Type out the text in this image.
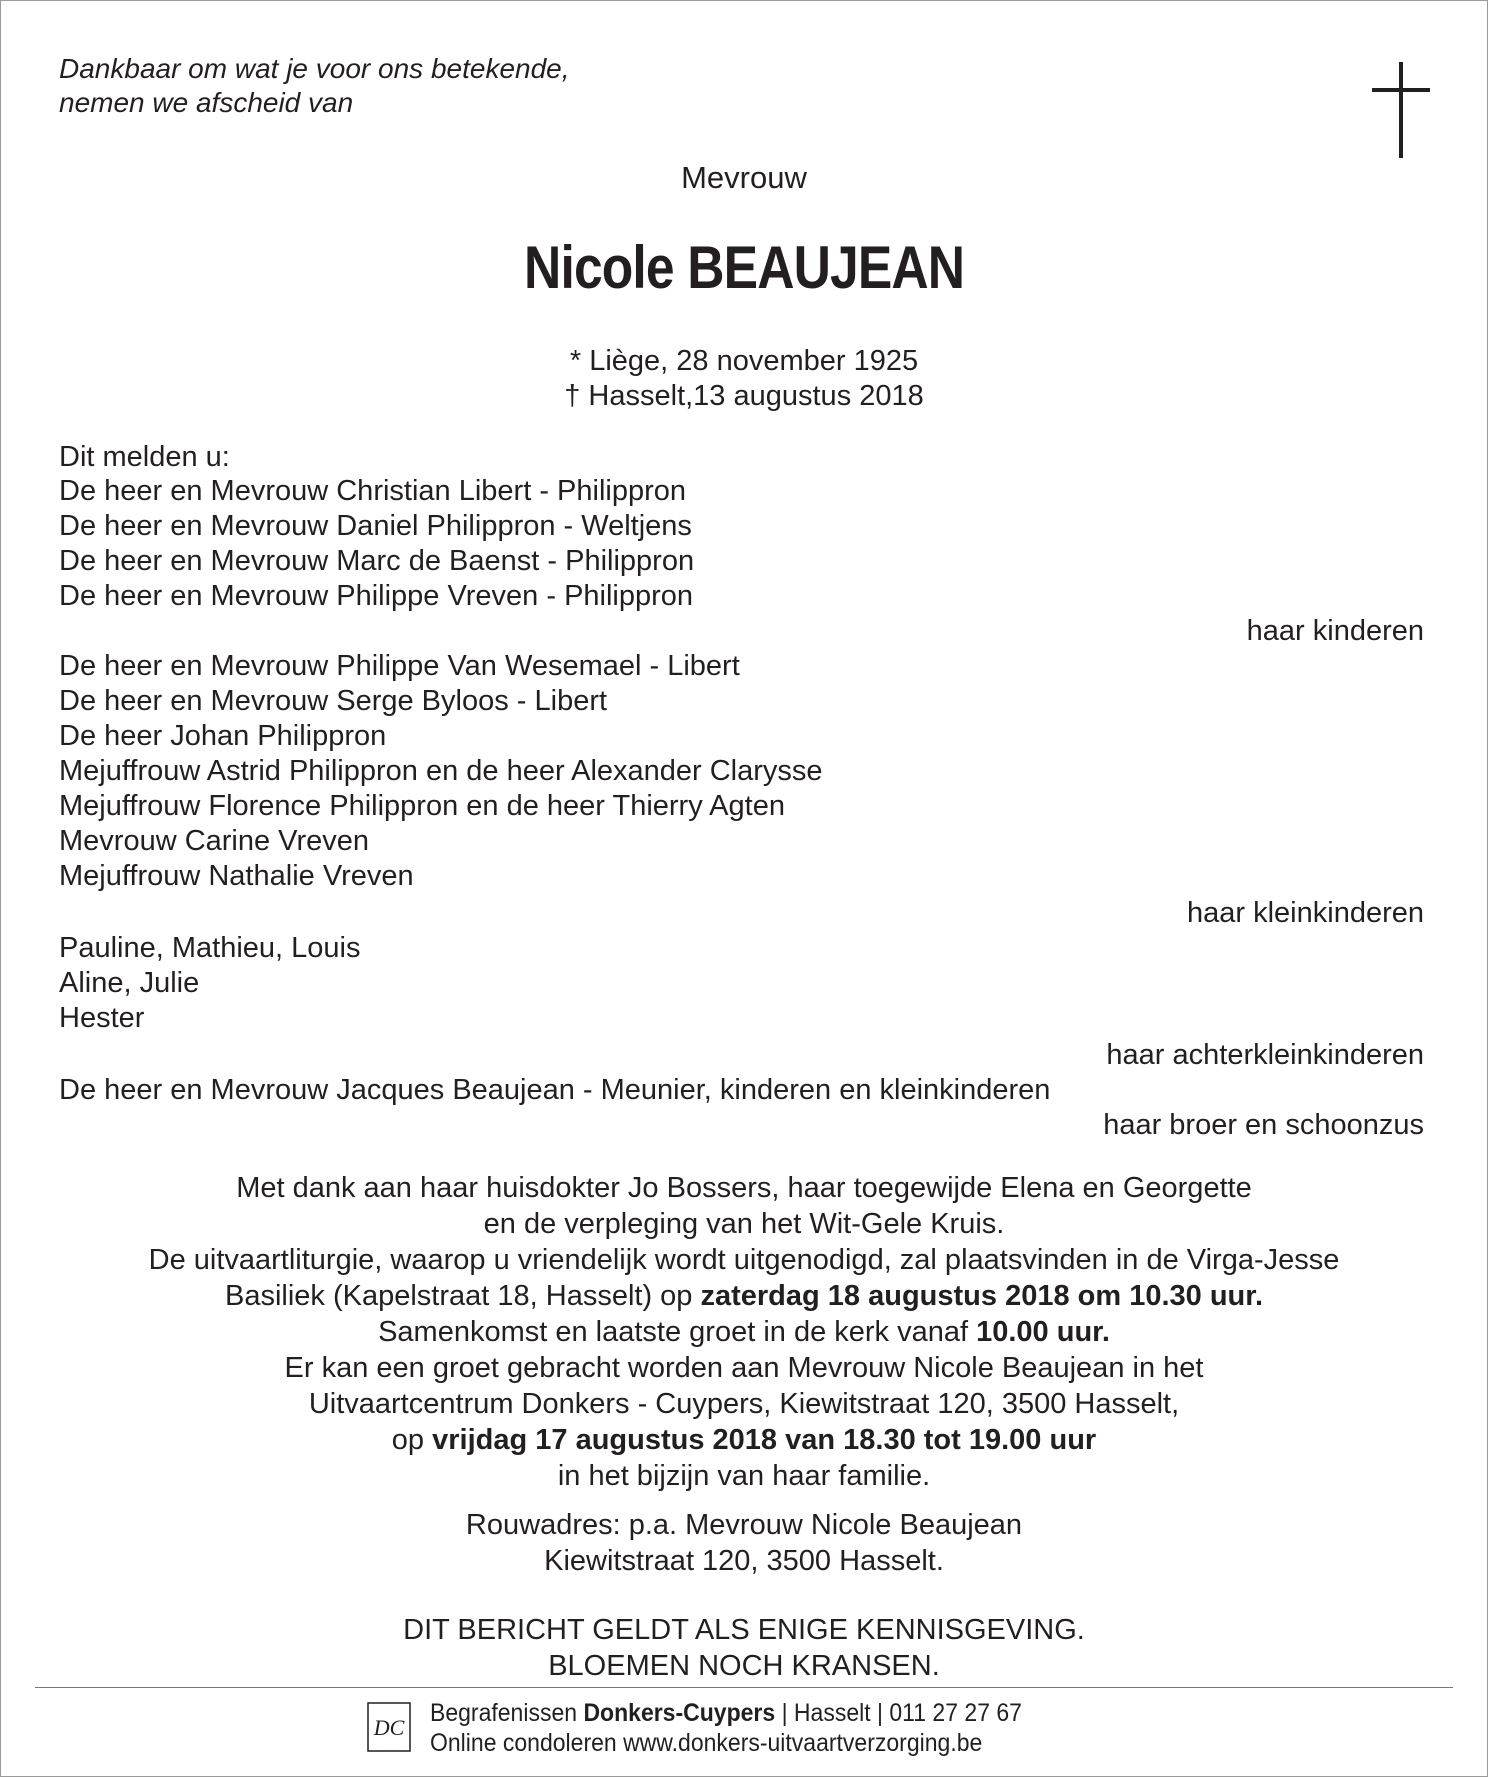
Dankbaar om wat je voor ons betekende,
nemen we afscheid van
Mevrouw
Nicole BEAUJEAN
* Liège, 28 november 1925
† Hasselt,13 augustus 2018
Dit melden u:
De heer en Mevrouw Christian Libert - Philippron
De heer en Mevrouw Daniel Philippron - Weltjens
De heer en Mevrouw Marc de Baenst - Philippron
De heer en Mevrouw Philippe Vreven - Philippron
haar kinderen
De heer en Mevrouw Philippe Van Wesemael - Libert
De heer en Mevrouw Serge Byloos - Libert
De heer Johan Philippron
Mejuffrouw Astrid Philippron en de heer Alexander Clarysse
Mejuffrouw Florence Philippron en de heer Thierry Agten
Mevrouw Carine Vreven
Mejuffrouw Nathalie Vreven
haar kleinkinderen
Pauline, Mathieu, Louis
Aline, Julie
Hester
haar achterkleinkinderen
De heer en Mevrouw Jacques Beaujean - Meunier, kinderen en kleinkinderen
haar broer en schoonzus
Met dank aan haar huisdokter Jo Bossers, haar toegewijde Elena en Georgette
en de verpleging van het Wit-Gele Kruis.
De uitvaartliturgie, waarop u vriendelijk wordt uitgenodigd, zal plaatsvinden in de Virga-Jesse
Basiliek (Kapelstraat 18, Hasselt) op zaterdag 18 augustus 2018 om 10.30 uur.
Samenkomst en laatste groet in de kerk vanaf 10.00 uur.
Er kan een groet gebracht worden aan Mevrouw Nicole Beaujean in het
Uitvaartcentrum Donkers - Cuypers, Kiewitstraat 120, 3500 Hasselt,
op vrijdag 17 augustus 2018 van 18.30 tot 19.00 uur
in het bijzijn van haar familie.
Rouwadres: p.a. Mevrouw Nicole Beaujean
Kiewitstraat 120, 3500 Hasselt.
DIT BERICHT GELDT ALS ENIGE KENNISGEVING.
BLOEMEN NOCH KRANSEN.
DC
Begrafenissen Donkers-Cuypers | Hasselt | 011 27 27 67
Online condoleren www.donkers-uitvaartverzorging.be
